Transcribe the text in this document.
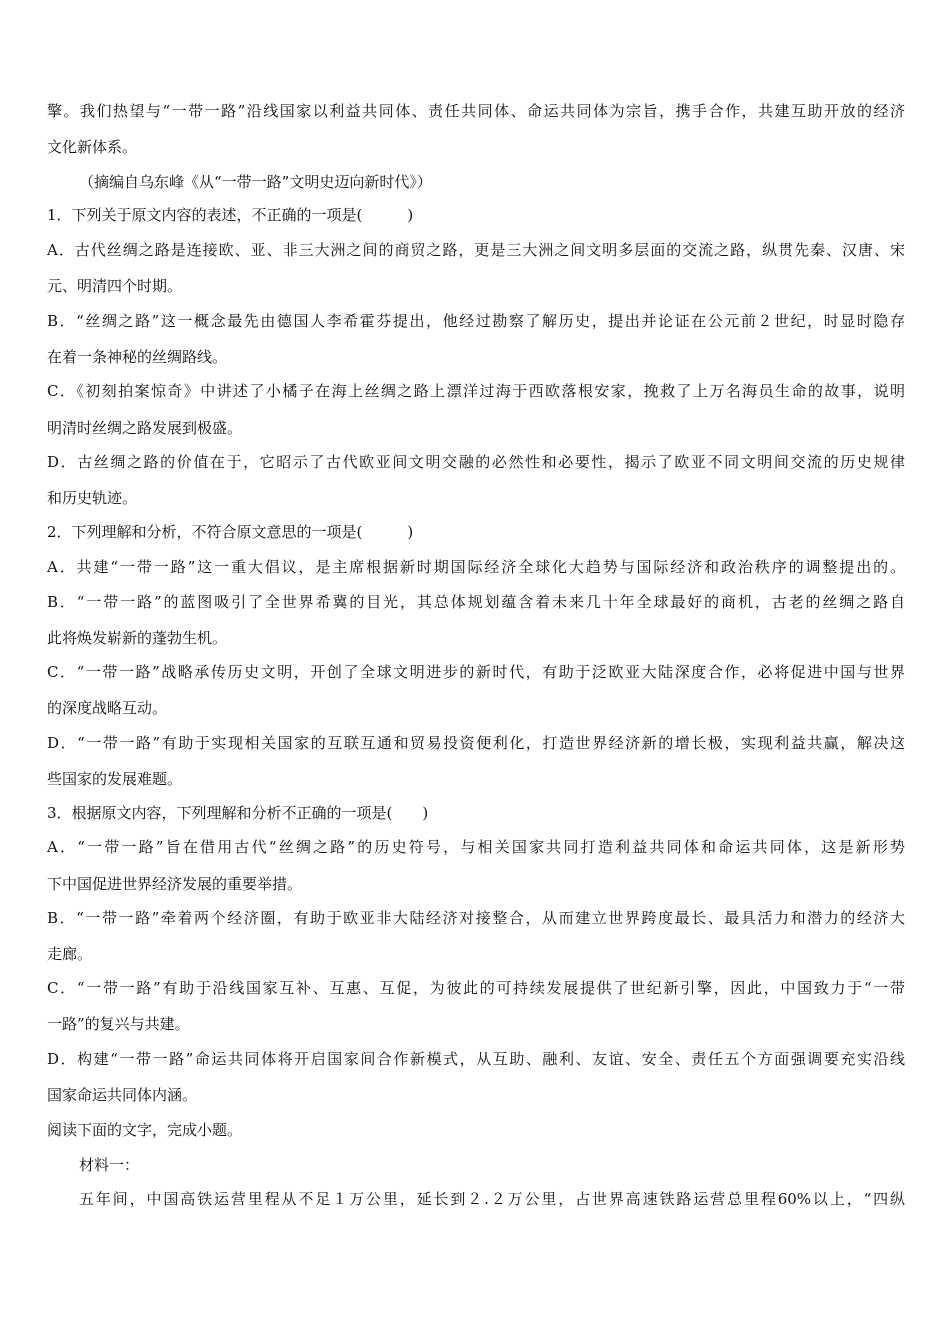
擎。我们热望与“一带一路”沿线国家以利益共同体、责任共同体、命运共同体为宗旨，携手合作，共建互助开放的经济
文化新体系。
（摘编自乌东峰《从“一带一路”文明史迈向新时代》）
1．下列关于原文内容的表述，不正确的一项是(　　　)
A．古代丝绸之路是连接欧、亚、非三大洲之间的商贸之路，更是三大洲之间文明多层面的交流之路，纵贯先秦、汉唐、宋
元、明清四个时期。
B．“丝绸之路”这一概念最先由德国人李希霍芬提出，他经过勘察了解历史，提出并论证在公元前２世纪，时显时隐存
在着一条神秘的丝绸路线。
C．《初刻拍案惊奇》中讲述了小橘子在海上丝绸之路上漂洋过海于西欧落根安家，挽救了上万名海员生命的故事，说明
明清时丝绸之路发展到极盛。
D．古丝绸之路的价值在于，它昭示了古代欧亚间文明交融的必然性和必要性，揭示了欧亚不同文明间交流的历史规律
和历史轨迹。
2．下列理解和分析，不符合原文意思的一项是(　　　)
A．共建“一带一路”这一重大倡议，是主席根据新时期国际经济全球化大趋势与国际经济和政治秩序的调整提出的。
B．“一带一路”的蓝图吸引了全世界希冀的目光，其总体规划蕴含着未来几十年全球最好的商机，古老的丝绸之路自
此将焕发崭新的蓬勃生机。
C．“一带一路”战略承传历史文明，开创了全球文明进步的新时代，有助于泛欧亚大陆深度合作，必将促进中国与世界
的深度战略互动。
D．“一带一路”有助于实现相关国家的互联互通和贸易投资便利化，打造世界经济新的增长极，实现利益共赢，解决这
些国家的发展难题。
3．根据原文内容，下列理解和分析不正确的一项是(　　)
A．“一带一路”旨在借用古代“丝绸之路”的历史符号，与相关国家共同打造利益共同体和命运共同体，这是新形势
下中国促进世界经济发展的重要举措。
B．“一带一路”牵着两个经济圈，有助于欧亚非大陆经济对接整合，从而建立世界跨度最长、最具活力和潜力的经济大
走廊。
C．“一带一路”有助于沿线国家互补、互惠、互促，为彼此的可持续发展提供了世纪新引擎，因此，中国致力于“一带
一路”的复兴与共建。
D．构建“一带一路”命运共同体将开启国家间合作新模式，从互助、融利、友谊、安全、责任五个方面强调要充实沿线
国家命运共同体内涵。
阅读下面的文字，完成小题。
材料一：
五年间，中国高铁运营里程从不足１万公里，延长到２.２万公里，占世界高速铁路运营总里程60%以上，“四纵
